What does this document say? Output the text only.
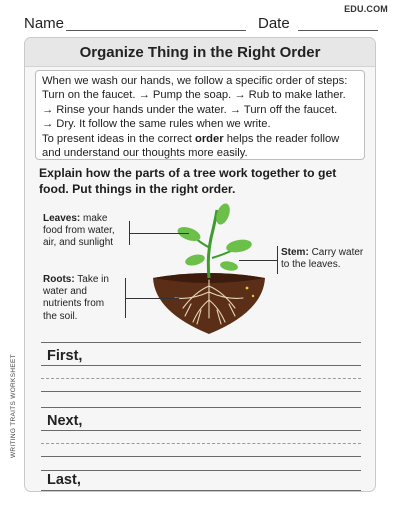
Name	Date
EDU.COM
WRITING TRAITS WORKSHEET
Organize Thing in the Right Order
When we wash our hands, we follow a specific order of steps:
Turn on the faucet. → Pump the soap. → Rub to make lather.
→ Rinse your hands under the water. → Turn off the faucet.
→ Dry. It follow the same rules when we write.
To present ideas in the correct order helps the reader follow
and understand our thoughts more easily.
Explain how the parts of a tree work together to get food. Put things in the right order.
Leaves: make
food from water,
air, and sunlight
Roots: Take in
water and
nutrients from
the soil.
Stem: Carry water
to the leaves.
First,
Next,
Last,
